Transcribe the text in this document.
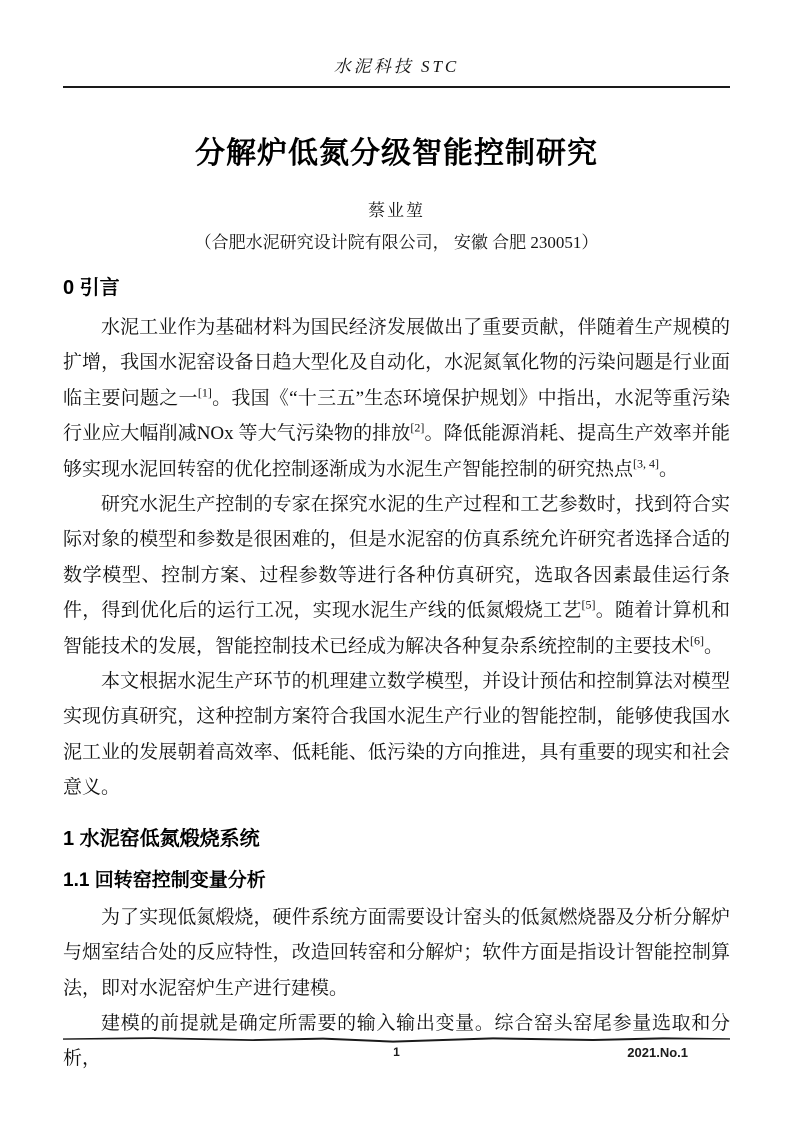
水泥科技 STC
分解炉低氮分级智能控制研究
蔡业堃
（合肥水泥研究设计院有限公司， 安徽 合肥 230051）
0 引言

水泥工业作为基础材料为国民经济发展做出了重要贡献，伴随着生产规模的扩增，我国水泥窑设备日趋大型化及自动化，水泥氮氧化物的污染问题是行业面临主要问题之一[1]。我国《“十三五”生态环境保护规划》中指出，水泥等重污染行业应大幅削减NOx 等大气污染物的排放[2]。降低能源消耗、提高生产效率并能够实现水泥回转窑的优化控制逐渐成为水泥生产智能控制的研究热点[3, 4]。

研究水泥生产控制的专家在探究水泥的生产过程和工艺参数时，找到符合实际对象的模型和参数是很困难的，但是水泥窑的仿真系统允许研究者选择合适的数学模型、控制方案、过程参数等进行各种仿真研究，选取各因素最佳运行条件，得到优化后的运行工况，实现水泥生产线的低氮煅烧工艺[5]。随着计算机和智能技术的发展，智能控制技术已经成为解决各种复杂系统控制的主要技术[6]。

本文根据水泥生产环节的机理建立数学模型，并设计预估和控制算法对模型实现仿真研究，这种控制方案符合我国水泥生产行业的智能控制，能够使我国水泥工业的发展朝着高效率、低耗能、低污染的方向推进，具有重要的现实和社会意义。

1 水泥窑低氮煅烧系统
1.1 回转窑控制变量分析

为了实现低氮煅烧，硬件系统方面需要设计窑头的低氮燃烧器及分析分解炉与烟室结合处的反应特性，改造回转窑和分解炉；软件方面是指设计智能控制算法，即对水泥窑炉生产进行建模。

建模的前提就是确定所需要的输入输出变量。综合窑头窑尾参量选取和分析，	1	2021.No.1
